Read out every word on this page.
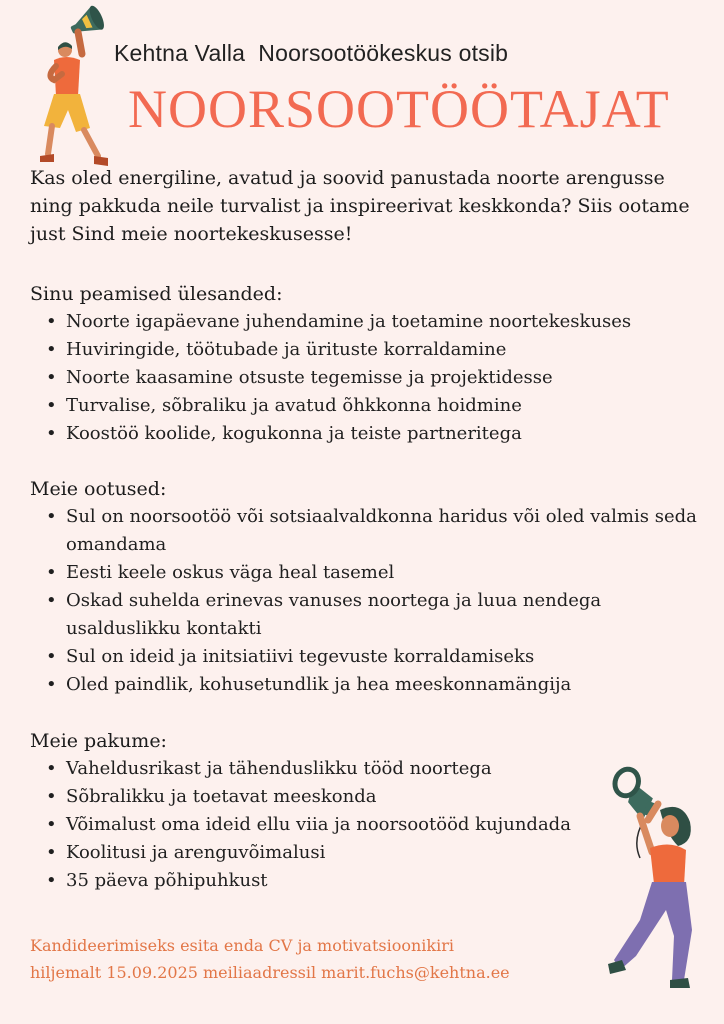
Kehtna Valla  Noorsootöökeskus otsib
NOORSOOTÖÖTAJAT
Kas oled energiline, avatud ja soovid panustada noorte arengusse ning pakkuda neile turvalist ja inspireerivat keskkonda? Siis ootame just Sind meie noortekeskusesse!
Sinu peamised ülesanded:
• Noorte igapäevane juhendamine ja toetamine noortekeskuses
• Huviringide, töötubade ja ürituste korraldamine
• Noorte kaasamine otsuste tegemisse ja projektidesse
• Turvalise, sõbraliku ja avatud õhkkonna hoidmine
• Koostöö koolide, kogukonna ja teiste partneritega
Meie ootused:
• Sul on noorsootöö või sotsiaalvaldkonna haridus või oled valmis seda omandama
• Eesti keele oskus väga heal tasemel
• Oskad suhelda erinevas vanuses noortega ja luua nendega usalduslikku kontakti
• Sul on ideid ja initsiatiivi tegevuste korraldamiseks
• Oled paindlik, kohusetundlik ja hea meeskonnamängija
Meie pakume:
• Vaheldusrikast ja tähenduslikku tööd noortega
• Sõbralikku ja toetavat meeskonda
• Võimalust oma ideid ellu viia ja noorsootööd kujundada
• Koolitusi ja arenguvõimalusi
• 35 päeva põhipuhkust
Kandideerimiseks esita enda CV ja motivatsioonikiri hiljemalt 15.09.2025 meiliaadressil marit.fuchs@kehtna.ee
